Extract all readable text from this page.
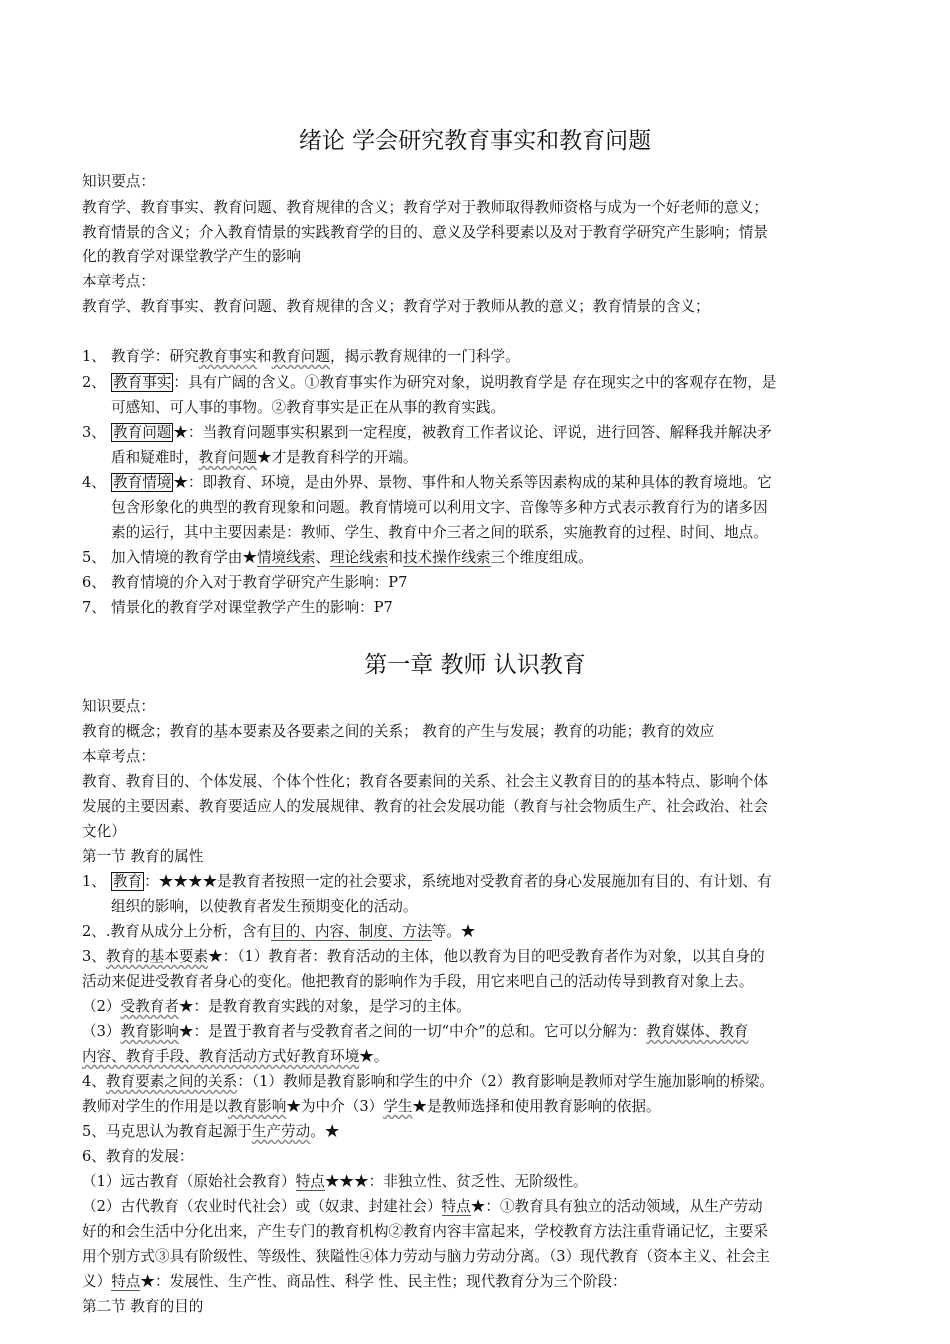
绪论 学会研究教育事实和教育问题
知识要点：
教育学、教育事实、教育问题、教育规律的含义；教育学对于教师取得教师资格与成为一个好老师的意义；
教育情景的含义；介入教育情景的实践教育学的目的、意义及学科要素以及对于教育学研究产生影响；情景
化的教育学对课堂教学产生的影响
本章考点：
教育学、教育事实、教育问题、教育规律的含义；教育学对于教师从教的意义；教育情景的含义；
1、 教育学：研究教育事实和教育问题，揭示教育规律的一门科学。
2、 教育事实 ：具有广阔的含义。①教育事实作为研究对象，说明教育学是 存在现实之中的客观存在物，是
可感知、可人事的事物。②教育事实是正在从事的教育实践。
3、 教育问题 ★：当教育问题事实积累到一定程度，被教育工作者议论、评说，进行回答、解释我并解决矛
盾和疑难时，教育问题★才是教育科学的开端。
4、 教育情境 ★：即教育、环境，是由外界、景物、事件和人物关系等因素构成的某种具体的教育境地。它
包含形象化的典型的教育现象和问题。教育情境可以利用文字、音像等多种方式表示教育行为的诸多因
素的运行，其中主要因素是：教师、学生、教育中介三者之间的联系，实施教育的过程、时间、地点。
5、 加入情境的教育学由★情境线索、理论线索和技术操作线索三个维度组成。
6、 教育情境的介入对于教育学研究产生影响：P7
7、 情景化的教育学对课堂教学产生的影响：P7
第一章 教师 认识教育
知识要点：
教育的概念；教育的基本要素及各要素之间的关系； 教育的产生与发展；教育的功能；教育的效应
本章考点：
教育、教育目的、个体发展、个体个性化；教育各要素间的关系、社会主义教育目的的基本特点、影响个体
发展的主要因素、教育要适应人的发展规律、教育的社会发展功能（教育与社会物质生产、社会政治、社会
文化）
第一节 教育的属性
1、 教育 ：★★★★是教育者按照一定的社会要求，系统地对受教育者的身心发展施加有目的、有计划、有
组织的影响，以使教育者发生预期变化的活动。
2、.教育从成分上分析，含有目的、内容、制度、方法等。★
3、教育的基本要素★：（1）教育者：教育活动的主体，他以教育为目的吧受教育者作为对象，以其自身的
活动来促进受教育者身心的变化。他把教育的影响作为手段，用它来吧自己的活动传导到教育对象上去。
（2）受教育者★：是教育教育实践的对象，是学习的主体。
（3）教育影响★：是置于教育者与受教育者之间的一切“中介”的总和。它可以分解为：教育媒体、教育
内容、教育手段、教育活动方式好教育环境★。
4、教育要素之间的关系：（1）教师是教育影响和学生的中介（2）教育影响是教师对学生施加影响的桥梁。
教师对学生的作用是以教育影响★为中介（3）学生★是教师选择和使用教育影响的依据。
5、马克思认为教育起源于生产劳动。★
6、教育的发展：
（1）远古教育（原始社会教育）特点★★★：非独立性、贫乏性、无阶级性。
（2）古代教育（农业时代社会）或（奴隶、封建社会）特点★：①教育具有独立的活动领域，从生产劳动
好的和会生活中分化出来，产生专门的教育机构②教育内容丰富起来，学校教育方法注重背诵记忆，主要采
用个别方式③具有阶级性、等级性、狭隘性④体力劳动与脑力劳动分离。（3）现代教育（资本主义、社会主
义）特点★：发展性、生产性、商品性、科学 性、民主性；现代教育分为三个阶段：
第二节 教育的目的
